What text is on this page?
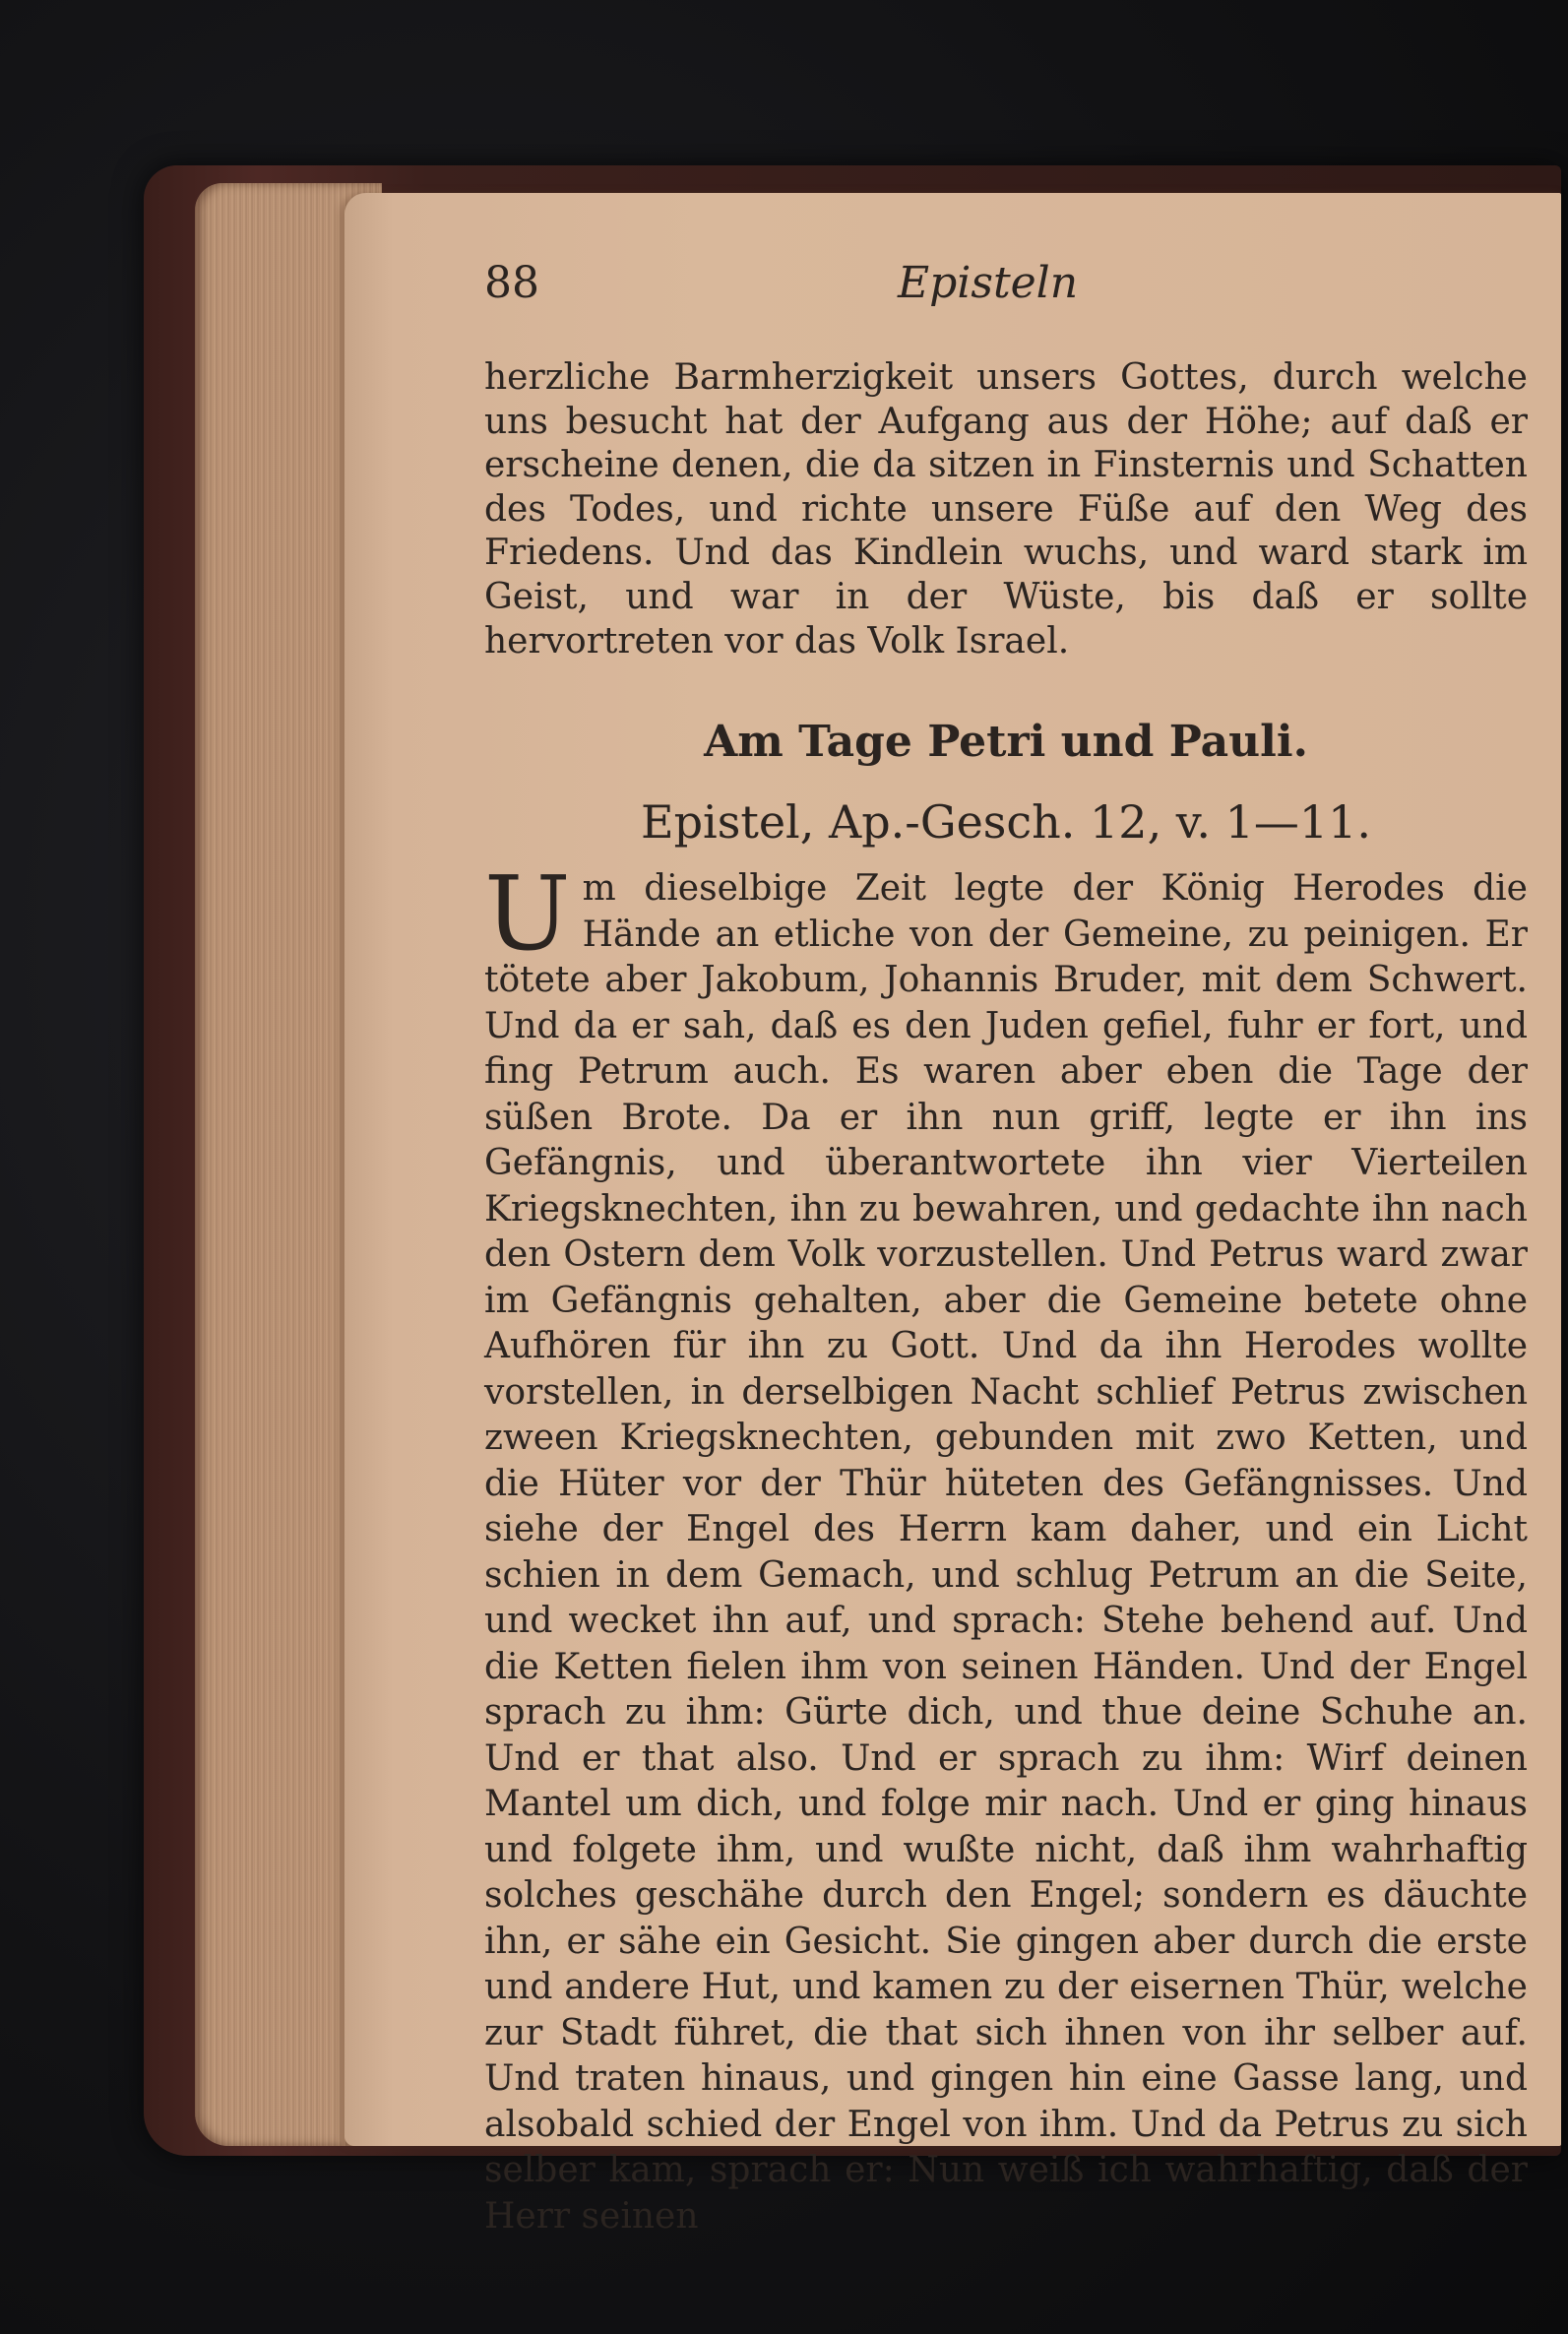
88	Episteln
herzliche Barmherzigkeit unsers Gottes, durch welche uns besucht hat der Aufgang aus der Höhe; auf daß er erscheine denen, die da sitzen in Finsternis und Schatten des Todes, und richte unsere Füße auf den Weg des Friedens. Und das Kindlein wuchs, und ward stark im Geist, und war in der Wüste, bis daß er sollte hervortreten vor das Volk Israel.
Am Tage Petri und Pauli.
Epistel, Ap.-Gesch. 12, v. 1—11.
U m dieselbige Zeit legte der König Herodes die Hände an etliche von der Gemeine, zu peinigen. Er tötete aber Jakobum, Johannis Bruder, mit dem Schwert. Und da er sah, daß es den Juden gefiel, fuhr er fort, und fing Petrum auch. Es waren aber eben die Tage der süßen Brote. Da er ihn nun griff, legte er ihn ins Gefängnis, und überantwortete ihn vier Vierteilen Kriegsknechten, ihn zu bewahren, und gedachte ihn nach den Ostern dem Volk vorzustellen. Und Petrus ward zwar im Gefängnis gehalten, aber die Gemeine betete ohne Aufhören für ihn zu Gott. Und da ihn Herodes wollte vorstellen, in derselbigen Nacht schlief Petrus zwischen zween Kriegsknechten, gebunden mit zwo Ketten, und die Hüter vor der Thür hüteten des Gefängnisses. Und siehe der Engel des Herrn kam daher, und ein Licht schien in dem Gemach, und schlug Petrum an die Seite, und wecket ihn auf, und sprach: Stehe behend auf. Und die Ketten fielen ihm von seinen Händen. Und der Engel sprach zu ihm: Gürte dich, und thue deine Schuhe an. Und er that also. Und er sprach zu ihm: Wirf deinen Mantel um dich, und folge mir nach. Und er ging hinaus und folgete ihm, und wußte nicht, daß ihm wahrhaftig solches geschähe durch den Engel; sondern es däuchte ihn, er sähe ein Gesicht. Sie gingen aber durch die erste und andere Hut, und kamen zu der eisernen Thür, welche zur Stadt führet, die that sich ihnen von ihr selber auf. Und traten hinaus, und gingen hin eine Gasse lang, und alsobald schied der Engel von ihm. Und da Petrus zu sich selber kam, sprach er: Nun weiß ich wahrhaftig, daß der Herr seinen
